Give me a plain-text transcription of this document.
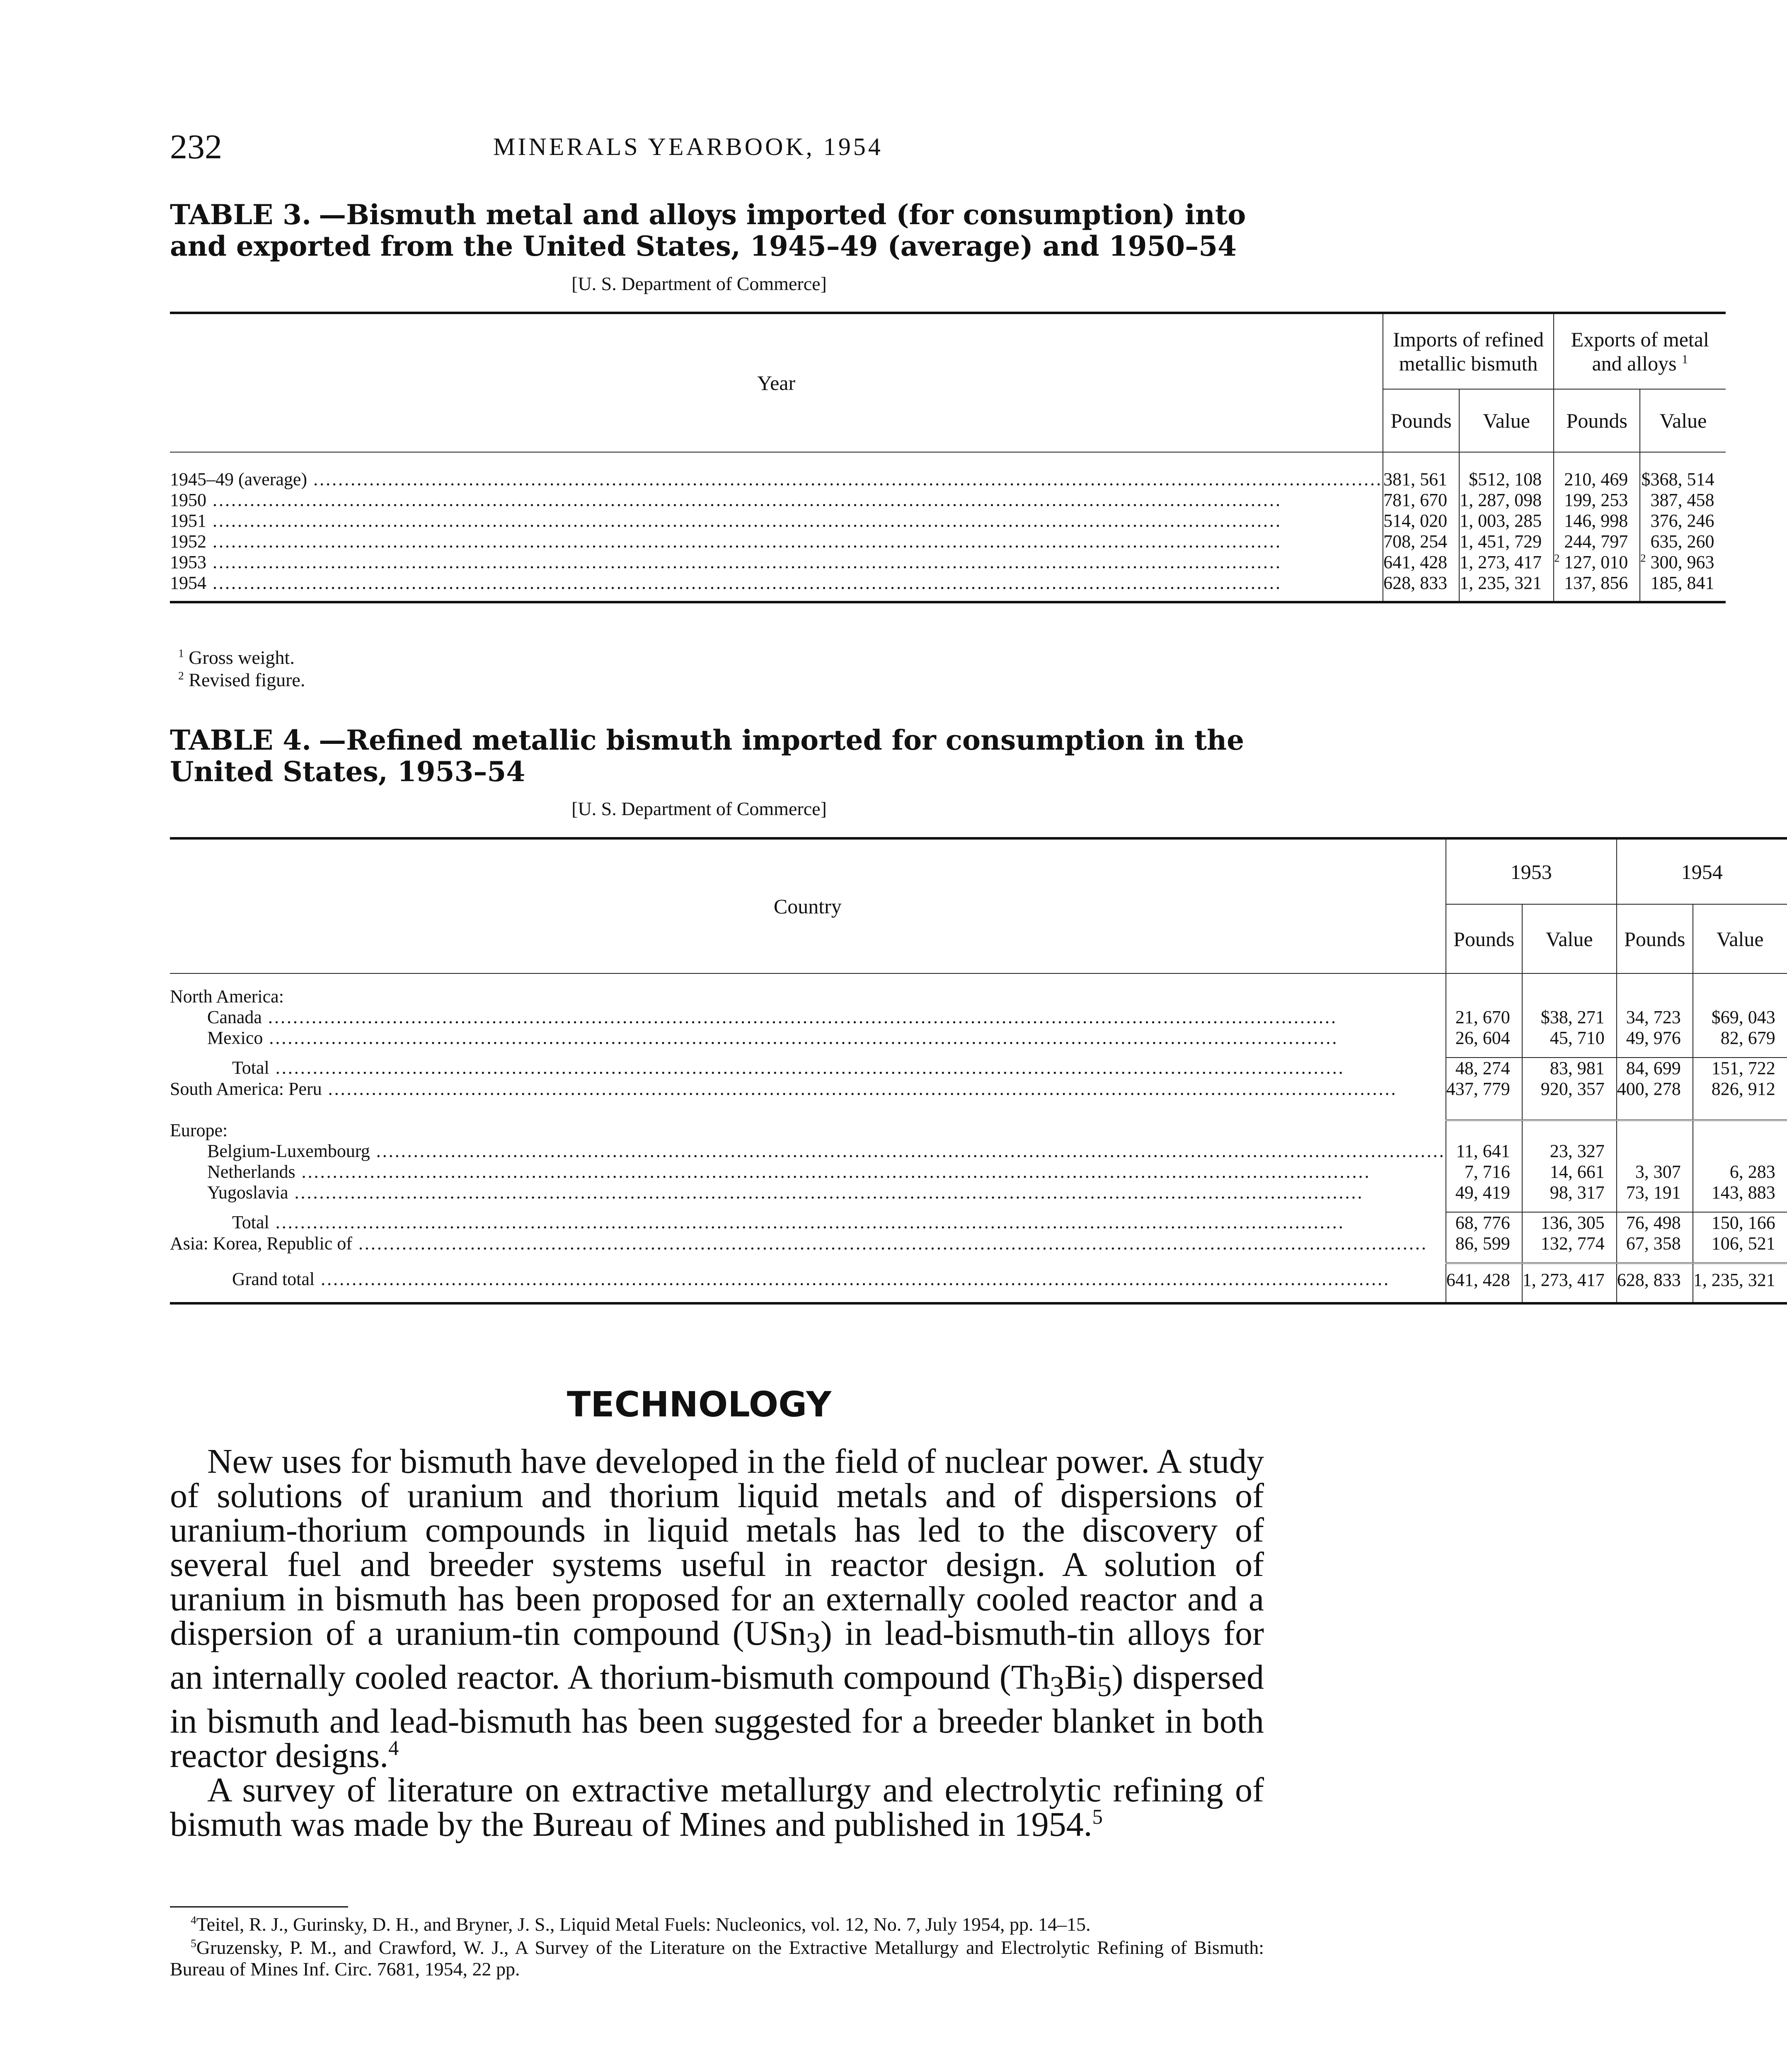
232	MINERALS YEARBOOK, 1954
TABLE 3. —Bismuth metal and alloys imported (for consumption) into and exported from the United States, 1945–49 (average) and 1950–54
[U. S. Department of Commerce]
Year	Imports of refined metallic bismuth		Exports of metal and alloys $^1$
	Pounds	Value	Pounds	Value

1945–49 (average) .....	381, 561	$512, 108	210, 469	$368, 514
1950 .....	781, 670	1, 287, 098	199, 253	387, 458
1951 .....	514, 020	1, 003, 285	146, 998	376, 246
1952 .....	708, 254	1, 451, 729	244, 797	635, 260
1953 .....	641, 428	1, 273, 417	$^2$ 127, 010	$^2$ 300, 963
1954 .....	628, 833	1, 235, 321	137, 856	185, 841
$^1$ Gross weight.
$^2$ Revised figure.
TABLE 4. —Refined metallic bismuth imported for consumption in the United States, 1953–54
[U. S. Department of Commerce]
Country	1953		1954	
	Pounds	Value	Pounds	Value

North America:				
Canada .....	21, 670	$38, 271	34, 723	$69, 043
Mexico .....	26, 604	45, 710	49, 976	82, 679

Total .....	48, 274	83, 981	84, 699	151, 722
South America: Peru .....	437, 779	920, 357	400, 278	826, 912

Europe:				
Belgium-Luxembourg .....	11, 641	23, 327		
Netherlands .....	7, 716	14, 661	3, 307	6, 283
Yugoslavia .....	49, 419	98, 317	73, 191	143, 883

Total .....	68, 776	136, 305	76, 498	150, 166
Asia: Korea, Republic of .....	86, 599	132, 774	67, 358	106, 521

Grand total .....	641, 428	1, 273, 417	628, 833	1, 235, 321
TECHNOLOGY

New uses for bismuth have developed in the field of nuclear power. A study of solutions of uranium and thorium liquid metals and of dispersions of uranium-thorium compounds in liquid metals has led to the discovery of several fuel and breeder systems useful in reactor design. A solution of uranium in bismuth has been proposed for an externally cooled reactor and a dispersion of a uranium-tin compound (USn$_3$) in lead-bismuth-tin alloys for an internally cooled reactor. A thorium-bismuth compound $(Th_3Bi_5)$ dispersed in bismuth and lead-bismuth has been suggested for a breeder blanket in both reactor designs.$^4$

A survey of literature on extractive metallurgy and electrolytic refining of bismuth was made by the Bureau of Mines and published in 1954.$^5$

$^4$Teitel, R. J., Gurinsky, D. H., and Bryner, J. S., Liquid Metal Fuels: Nucleonics, vol. 12, No. 7, July 1954, pp. 14–15.

$^5$Gruzensky, P. M., and Crawford, W. J., A Survey of the Literature on the Extractive Metallurgy and Electrolytic Refining of Bismuth: Bureau of Mines Inf. Circ. 7681, 1954, 22 pp.
